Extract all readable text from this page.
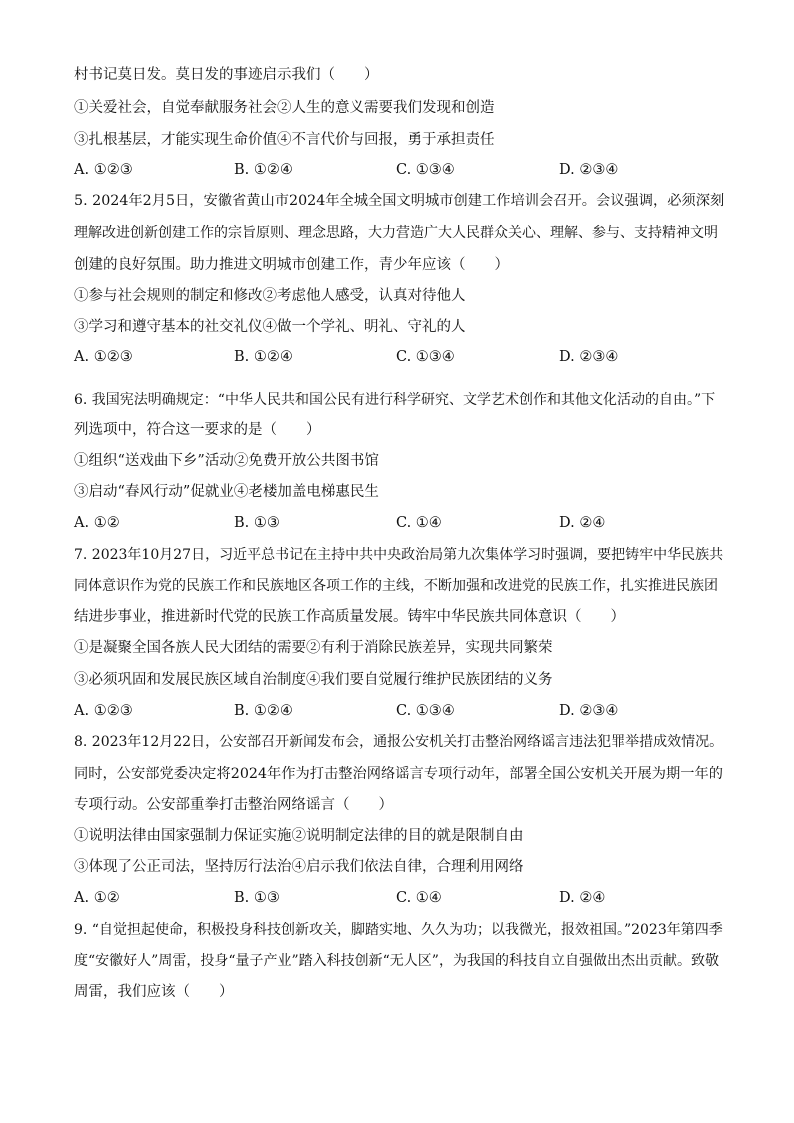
村书记莫日发。莫日发的事迹启示我们（　　）
①关爱社会，自觉奉献服务社会②人生的意义需要我们发现和创造
③扎根基层，才能实现生命价值④不言代价与回报，勇于承担责任
A. ①②③	B. ①②④	C. ①③④	D. ②③④
5. 2024年2月5日，安徽省黄山市2024年全城全国文明城市创建工作培训会召开。会议强调，必须深刻
理解改进创新创建工作的宗旨原则、理念思路，大力营造广大人民群众关心、理解、参与、支持精神文明
创建的良好氛围。助力推进文明城市创建工作，青少年应该（　　）
①参与社会规则的制定和修改②考虑他人感受，认真对待他人
③学习和遵守基本的社交礼仪④做一个学礼、明礼、守礼的人
A. ①②③	B. ①②④	C. ①③④	D. ②③④
6. 我国宪法明确规定：“中华人民共和国公民有进行科学研究、文学艺术创作和其他文化活动的自由。”下
列选项中，符合这一要求的是（　　）
①组织“送戏曲下乡”活动②免费开放公共图书馆
③启动“春风行动”促就业④老楼加盖电梯惠民生
A. ①②	B. ①③	C. ①④	D. ②④
7. 2023年10月27日，习近平总书记在主持中共中央政治局第九次集体学习时强调，要把铸牢中华民族共
同体意识作为党的民族工作和民族地区各项工作的主线，不断加强和改进党的民族工作，扎实推进民族团
结进步事业，推进新时代党的民族工作高质量发展。铸牢中华民族共同体意识（　　）
①是凝聚全国各族人民大团结的需要②有利于消除民族差异，实现共同繁荣
③必须巩固和发展民族区域自治制度④我们要自觉履行维护民族团结的义务
A. ①②③	B. ①②④	C. ①③④	D. ②③④
8. 2023年12月22日，公安部召开新闻发布会，通报公安机关打击整治网络谣言违法犯罪举措成效情况。
同时，公安部党委决定将2024年作为打击整治网络谣言专项行动年，部署全国公安机关开展为期一年的
专项行动。公安部重拳打击整治网络谣言（　　）
①说明法律由国家强制力保证实施②说明制定法律的目的就是限制自由
③体现了公正司法，坚持厉行法治④启示我们依法自律，合理利用网络
A. ①②	B. ①③	C. ①④	D. ②④
9. “自觉担起使命，积极投身科技创新攻关，脚踏实地、久久为功；以我微光，报效祖国。”2023年第四季
度“安徽好人”周雷，投身“量子产业”踏入科技创新“无人区”，为我国的科技自立自强做出杰出贡献。致敬
周雷，我们应该（　　）
